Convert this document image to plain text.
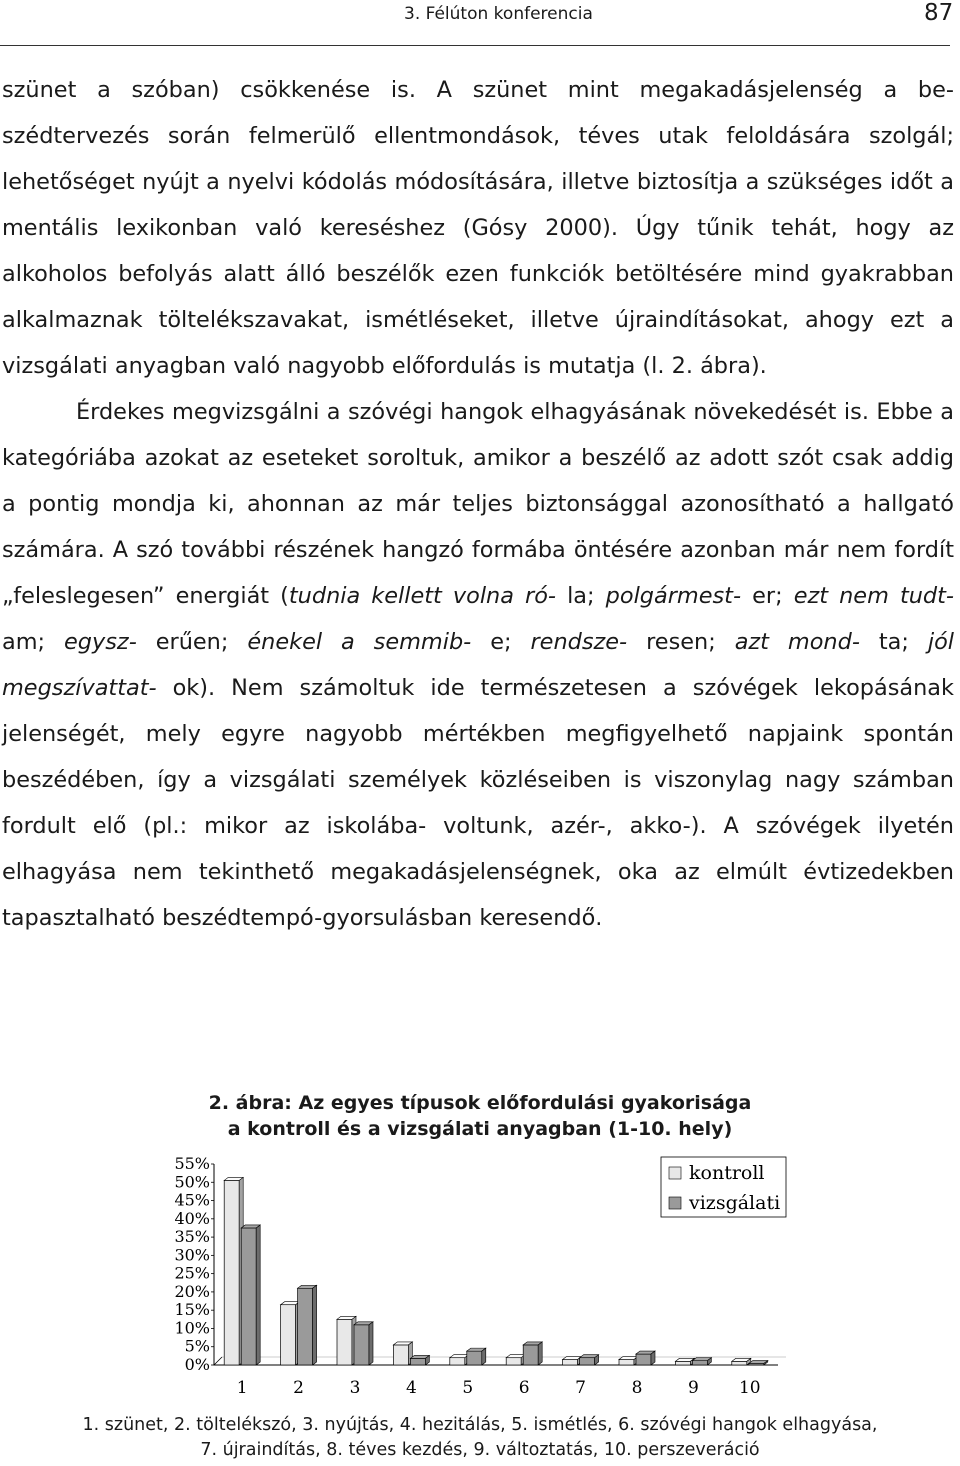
3. Félúton konferencia	87

szünet a szóban) csökkenése is. A szünet mint megakadásjelenség a beszédtervezés során felmerülő ellentmondások, téves utak feloldására szolgál; lehetőséget nyújt a nyelvi kódolás módosítására, illetve biztosítja a szükséges időt a mentális lexikonban való kereséshez (Gósy 2000). Úgy tűnik tehát, hogy az alkoholos befolyás alatt álló beszélők ezen funkciók betöltésére mind gyakrabban alkalmaznak töltelékszavakat, ismétléseket, illetve újraindításokat, ahogy ezt a vizsgálati anyagban való nagyobb előfordulás is mutatja (l. 2. ábra).

Érdekes megvizsgálni a szóvégi hangok elhagyásának növekedését is. Ebbe a kategóriába azokat az eseteket soroltuk, amikor a beszélő az adott szót csak addig a pontig mondja ki, ahonnan az már teljes biztonsággal azonosítható a hallgató számára. A szó további részének hangzó formába öntésére azonban már nem fordít „feleslegesen” energiát (tudnia kellett volna ró- la; polgármest- er; ezt nem tudt- am; egysz- erűen; énekel a semmib- e; rendsze- resen; azt mond- ta; jól megszívattat- ok). Nem számoltuk ide természetesen a szóvégek lekopásának jelenségét, mely egyre nagyobb mértékben megfigyelhető napjaink spontán beszédében, így a vizsgálati személyek közléseiben is viszonylag nagy számban fordult elő (pl.: mikor az iskolába- voltunk, azér-, akko-). A szóvégek ilyetén elhagyása nem tekinthető megakadásjelenségnek, oka az elmúlt évtizedekben tapasztalható beszédtempó-gyorsulásban keresendő.

2. ábra: Az egyes típusok előfordulási gyakorisága
a kontroll és a vizsgálati anyagban (1-10. hely)
0%
5%
10%
15%
20%
25%
30%
35%
40%
45%
50%
55%
1	2	3	4	5	6	7	8	9 10
kontroll
vizsgálati
1. szünet, 2. töltelékszó, 3. nyújtás, 4. hezitálás, 5. ismétlés, 6. szóvégi hangok elhagyása,
7. újraindítás, 8. téves kezdés, 9. változtatás, 10. perszeveráció
